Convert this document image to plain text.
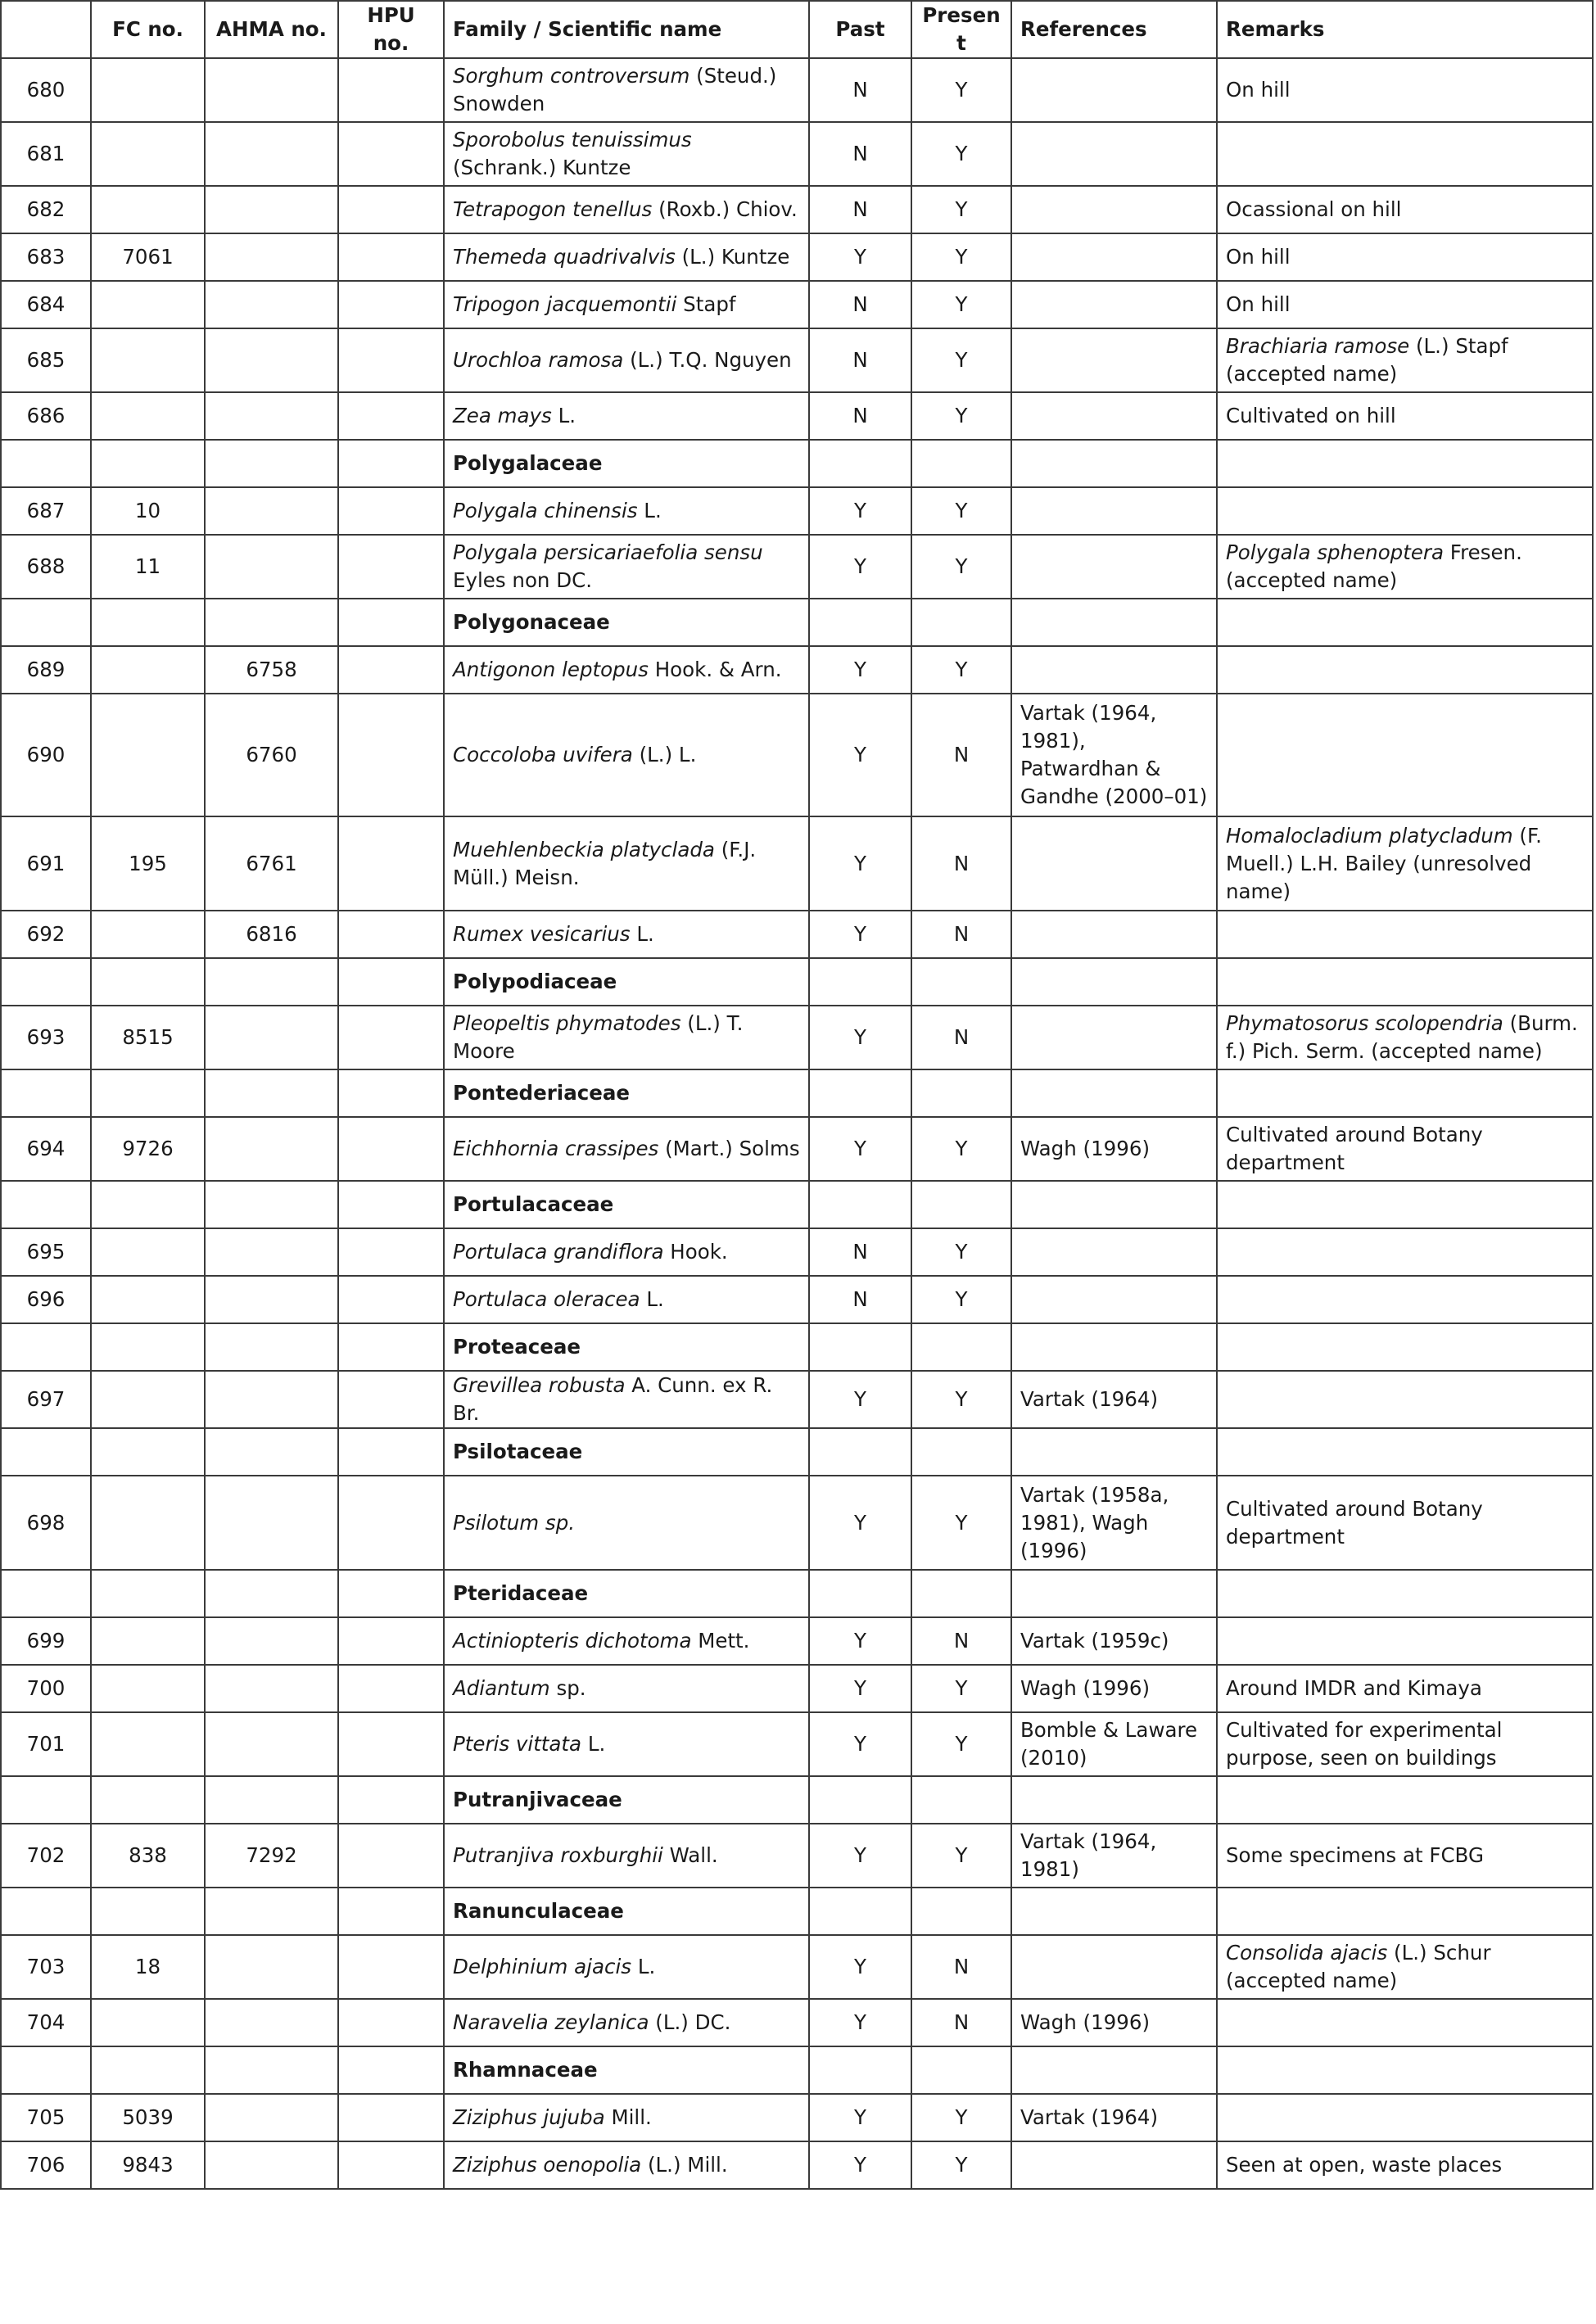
	FC no.	AHMA no.	HPU no.	Family / Scientific name	Past	Present	References	Remarks
680				Sorghum controversum (Steud.) Snowden	N	Y		On hill
681				Sporobolus tenuissimus (Schrank.) Kuntze	N	Y		
682				Tetrapogon tenellus (Roxb.) Chiov.	N	Y		Ocassional on hill
683	7061			Themeda quadrivalvis (L.) Kuntze	Y	Y		On hill
684				Tripogon jacquemontii Stapf	N	Y		On hill
685				Urochloa ramosa (L.) T.Q. Nguyen	N	Y		Brachiaria ramose (L.) Stapf (accepted name)
686				Zea mays L.	N	Y		Cultivated on hill
				Polygalaceae				
687	10			Polygala chinensis L.	Y	Y		
688	11			Polygala persicariaefolia sensu Eyles non DC.	Y	Y		Polygala sphenoptera Fresen. (accepted name)
				Polygonaceae				
689		6758		Antigonon leptopus Hook. & Arn.	Y	Y		
690		6760		Coccoloba uvifera (L.) L.	Y	N	Vartak (1964, 1981), Patwardhan & Gandhe (2000–01)	
691	195	6761		Muehlenbeckia platyclada (F.J. Müll.) Meisn.	Y	N		Homalocladium platycladum (F. Muell.) L.H. Bailey (unresolved name)
692		6816		Rumex vesicarius L.	Y	N		
				Polypodiaceae				
693	8515			Pleopeltis phymatodes (L.) T. Moore	Y	N		Phymatosorus scolopendria (Burm. f.) Pich. Serm. (accepted name)
				Pontederiaceae				
694	9726			Eichhornia crassipes (Mart.) Solms	Y	Y	Wagh (1996)	Cultivated around Botany department
				Portulacaceae				
695				Portulaca grandiflora Hook.	N	Y		
696				Portulaca oleracea L.	N	Y		
				Proteaceae				
697				Grevillea robusta A. Cunn. ex R. Br.	Y	Y	Vartak (1964)	
				Psilotaceae				
698				Psilotum sp.	Y	Y	Vartak (1958a, 1981), Wagh (1996)	Cultivated around Botany department
				Pteridaceae				
699				Actiniopteris dichotoma Mett.	Y	N	Vartak (1959c)	
700				Adiantum sp.	Y	Y	Wagh (1996)	Around IMDR and Kimaya
701				Pteris vittata L.	Y	Y	Bomble & Laware (2010)	Cultivated for experimental purpose, seen on buildings
				Putranjivaceae				
702	838	7292		Putranjiva roxburghii Wall.	Y	Y	Vartak (1964, 1981)	Some specimens at FCBG
				Ranunculaceae				
703	18			Delphinium ajacis L.	Y	N		Consolida ajacis (L.) Schur (accepted name)
704				Naravelia zeylanica (L.) DC.	Y	N	Wagh (1996)	
				Rhamnaceae				
705	5039			Ziziphus jujuba Mill.	Y	Y	Vartak (1964)	
706	9843			Ziziphus oenopolia (L.) Mill.	Y	Y		Seen at open, waste places
